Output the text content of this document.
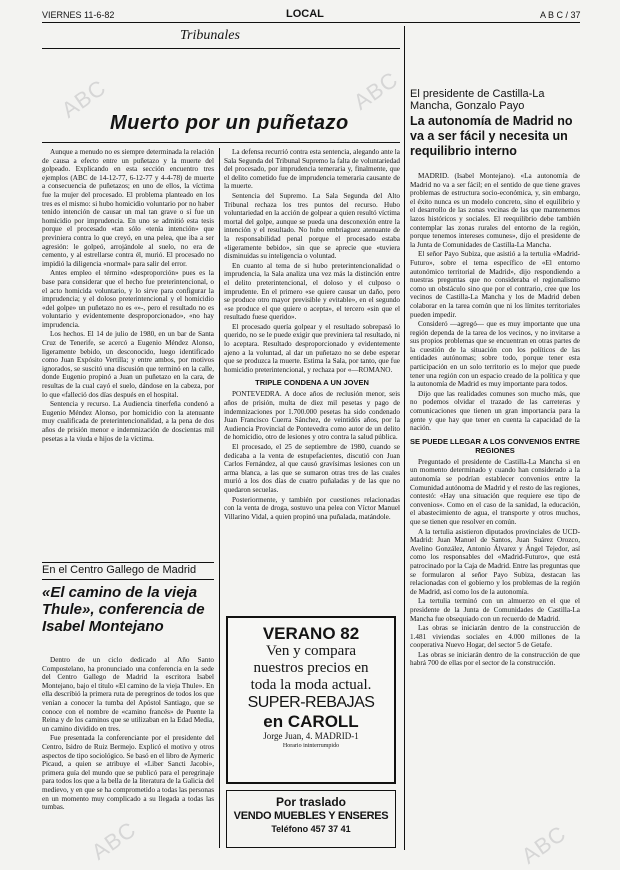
ABC	ABC
ABC	ABC
VIERNES 11-6-82	LOCAL	A B C / 37
Tribunales
Muerto por un puñetazo

Aunque a menudo no es siempre determinada la relación de causa a efecto entre un puñetazo y la muerte del golpeado. Explicando en esta sección encuentro tres ejemplos (ABC de 14-12-77, 6-12-77 y 4-4-78) de muerte a consecuencia de puñetazos; en uno de ellos, la víctima fue la mujer del procesado. El problema planteado en los tres es el mismo: si hubo homicidio voluntario por no haber tenido intención de causar un mal tan grave o sí fue un homicidio por imprudencia. En uno se admitió esta tesis porque el procesado «tan sólo «tenía intención» que previniera contra lo que creyó, en una pelea, que iba a ser agresión: le golpeó, arrojándole al suelo, no era de cemento, y al estrellarse contra él, murió. El procesado no impidió la diligencia «normal» para salir del error.

Antes empleo el término «desproporción» pues es la base para considerar que el hecho fue preterintencional, o el acto homicida voluntario, y lo sirve para configurar la imprudencia; y el doloso preterintencional y el homicidio «del golpe» un puñetazo no es «»-, pero el resultado no es voluntario y evidentemente desproporcionado», «no hay imprudencia.

Los hechos. El 14 de julio de 1980, en un bar de Santa Cruz de Tenerife, se acercó a Eugenio Méndez Alonso, ligeramente bebido, un desconocido, luego identificado como Juan Expósito Vertilla; y entre ambos, por motivos ignorados, se suscitó una discusión que terminó en la calle, donde Eugenio propinó a Juan un puñetazo en la cara, de resultas de la cual cayó el suelo, dándose en la cabeza, por lo que «falleció dos días después en el hospital.

Sentencia y recurso. La Audiencia tinerfeña condenó a Eugenio Méndez Alonso, por homicidio con la atenuante muy cualificada de preterintencionalidad, a la pena de dos años de prisión menor e indemnización de doscientas mil pesetas a la viuda e hijos de la víctima.

La defensa recurrió contra esta sentencia, alegando ante la Sala Segunda del Tribunal Supremo la falta de voluntariedad del procesado, por imprudencia temeraria y, finalmente, que el delito cometido fue de imprudencia temeraria causante de la muerte.

Sentencia del Supremo. La Sala Segunda del Alto Tribunal rechaza los tres puntos del recurso. Hubo voluntariedad en la acción de golpear a quien resultó víctima mortal del golpe, aunque se pueda una desconexión entre la intención y el resultado. No hubo embriaguez atenuante de la responsabilidad penal porque el procesado estaba «ligeramente bebido», sin que se aprecie que «tuviera disminuidas su inteligencia o voluntad.

En cuanto al tema de si hubo preterintencionalidad o imprudencia, la Sala analiza una vez más la distinción entre el delito preterintencional, el doloso y el culposo o imprudente. En el primero «se quiere causar un daño, pero se produce otro mayor previsible y evitable», en el segundo «se produce el que quiere o acepta», el tercero «sin que el resultado fuese querido».

El procesado quería golpear y el resultado sobrepasó lo querido, no se le puede exigir que previniera tal resultado, ni lo aceptara. Resultado desproporcionado y evidentemente ajeno a la voluntad, al dar un puñetazo no se debe esperar que se produzca la muerte. Estima la Sala, por tanto, que fue homicidio preterintencional, y rechaza por «—ROMANO.

TRIPLE CONDENA A UN JOVEN

PONTEVEDRA. A doce años de reclusión menor, seis años de prisión, multa de diez mil pesetas y pago de indemnizaciones por 1.700.000 pesetas ha sido condenado Juan Francisco Cuerra Sánchez, de veintidós años, por la Audiencia Provincial de Pontevedra como autor de un delito de homicidio, otro de lesiones y otro contra la salud pública.

El procesado, el 25 de septiembre de 1980, cuando se dedicaba a la venta de estupefacientes, discutió con Juan Carlos Fernández, al que causó gravísimas lesiones con un arma blanca, a las que se sumaron otras tres de las cuales murió a los dos días de cuatro puñaladas y de las que no quedaron secuelas.

Posteriormente, y también por cuestiones relacionadas con la venta de droga, sostuvo una pelea con Víctor Manuel Villarino Vidal, a quien propinó una puñalada, matándole.

En el Centro Gallego de Madrid
«El camino de la vieja Thule», conferencia de Isabel Montejano

Dentro de un ciclo dedicado al Año Santo Compostelano, ha pronunciado una conferencia en la sede del Centro Gallego de Madrid la escritora Isabel Montejano, bajo el título «El camino de la vieja Thule». En ella describió la primera ruta de peregrinos de todos los que venían a conocer la tumba del Apóstol Santiago, que se conoce con el nombre de «camino francés» de Puente la Reina y de los caminos que se utilizaban en la Edad Media, un camino dividido en tres.

Fue presentada la conferenciante por el presidente del Centro, Isidro de Ruiz Bermejo. Explicó el motivo y otros aspectos de tipo sociológico. Se basó en el libro de Aymeric Picaud, a quien se atribuye el «Liber Sancti Jacobi», primera guía del mundo que se publicó para el peregrinaje para todos los que a la bella de la literatura de la Galicia del medievo, y en que se ha comprometido a todas las personas en un momento muy complicado a su llegada a todas las tumbas.

VERANO 82

Ven y compara

nuestros precios en

toda la moda actual.

SUPER-REBAJAS

en CAROLL

Jorge Juan, 4. MADRID-1

Horario ininterrumpido

Por traslado

VENDO MUEBLES Y ENSERES

Teléfono 457 37 41

El presidente de Castilla-La Mancha, Gonzalo Payo
La autonomía de Madrid no va a ser fácil y necesita un requilibrio interno

MADRID. (Isabel Montejano). «La autonomía de Madrid no va a ser fácil; en el sentido de que tiene graves problemas de estructura socio-económica, y, sin embargo, el éxito nunca es un modelo concreto, sino el equilibrio y el desarrollo de las zonas vecinas de las que mantenemos lazos históricos y sociales. El reequilibrio debe también contemplar las zonas rurales del entorno de la región, porque tenemos intereses comunes», dijo el presidente de la Junta de Comunidades de Castilla-La Mancha.

El señor Payo Subiza, que asistió a la tertulia «Madrid-Futuro», sobre el tema específico de «El entorno autonómico territorial de Madrid», dijo respondiendo a nuestras preguntas que no consideraba el regionalismo como un obstáculo sino que por el contrario, cree que los vecinos de Castilla-La Mancha y los de Madrid deben colaborar en la tarea común que ni los límites territoriales pueden impedir.

Consideró —agregó— que es muy importante que una región dependa de la tarea de los vecinos, y no invitarse a sus propios problemas que se encuentran en otras partes de la cuestión de la situación con los políticos de las entidades autónomas; sobre todo, porque tener esta participación en un solo territorio es lo mejor que puede tener una región con un espacio creado de la política y que la autonomía de Madrid es muy importante para todos.

Dijo que las realidades comunes son mucho más, que no podemos olvidar el trazado de las carreteras y comunicaciones que tienen un gran importancia para la gente y que hay que tener en cuenta la capacidad de la nación.

SE PUEDE LLEGAR A LOS CONVENIOS ENTRE REGIONES

Preguntado el presidente de Castilla-La Mancha si en un momento determinado y cuando han considerado a la autonomía se podrían establecer convenios entre la Comunidad autónoma de Madrid y el resto de las regiones, contestó: «Hay una situación que requiere ese tipo de convenios». Como en el caso de la sanidad, la educación, el abastecimiento de agua, el transporte y otros muchos, que se tienen que resolver en común.

A la tertulia asistieron diputados provinciales de UCD-Madrid: Juan Manuel de Santos, Juan Suárez Orozco, Avelino González, Antonio Álvarez y Ángel Tejedor, así como los responsables del «Madrid-Futuro», que está patrocinado por la Caja de Madrid. Entre las preguntas que se formularon al señor Payo Subiza, destacan las relacionadas con el gobierno y los problemas de la región de Madrid, así como los de la autonomía.

La tertulia terminó con un almuerzo en el que el presidente de la Junta de Comunidades de Castilla-La Mancha fue obsequiado con un recuerdo de Madrid.

Las obras se iniciarán dentro de la construcción de 1.481 viviendas sociales en 4.000 millones de la cooperativa Nuevo Hogar, del sector 5 de Getafe.

Las obras se iniciarán dentro de la construcción de que habrá 700 de ellas por el sector de la construcción.
